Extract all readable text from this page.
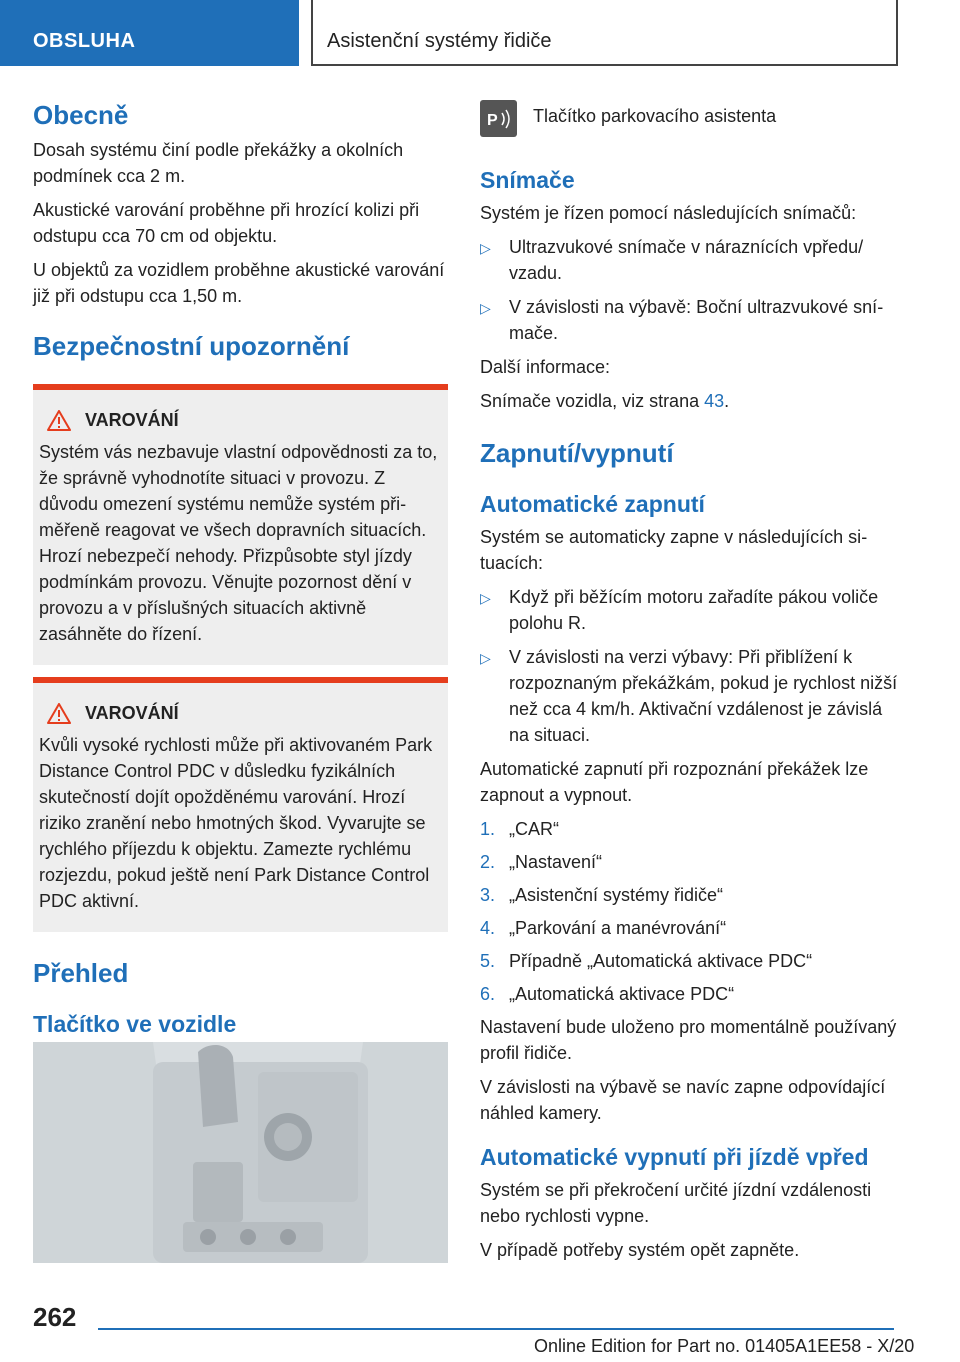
OBSLUHA	Asistenční systémy řidiče
Obecně

Dosah systému činí podle překážky a okolních podmínek cca 2 m.

Akustické varování proběhne při hrozící kolizi při odstupu cca 70 cm od objektu.

U objektů za vozidlem proběhne akustické varování již při odstupu cca 1,50 m.

Bezpečnostní upozornění
VAROVÁNÍ

Systém vás nezbavuje vlastní odpovědnosti za to, že správně vyhodnotíte situaci v provozu. Z důvodu omezení systému nemůže systém přiměřeně reagovat ve všech dopravních situacích. Hrozí nebezpečí nehody. Přizpůsobte styl jízdy podmínkám provozu. Věnujte pozornost dění v provozu a v příslušných situacích aktivně zasáhněte do řízení.

VAROVÁNÍ

Kvůli vysoké rychlosti může při aktivovaném Park Distance Control PDC v důsledku fyzikálních skutečností dojít opožděnému varování. Hrozí riziko zranění nebo hmotných škod. Vyvarujte se rychlého příjezdu k objektu. Zamezte rychlému rozjezdu, pokud ještě není Park Distance Control PDC aktivní.

Přehled
Tlačítko ve vozidle
P Tlačítko parkovacího asistenta

Snímače

Systém je řízen pomocí následujících snímačů:

▷	Ultrazvukové snímače v náraznících vpředu/ vzadu.
▷	V závislosti na výbavě: Boční ultrazvukové snímače.

Další informace:

Snímače vozidla, viz strana 43.

Zapnutí/vypnutí
Automatické zapnutí

Systém se automaticky zapne v následujících situacích:

▷	Když při běžícím motoru zařadíte pákou voliče polohu R.
▷	V závislosti na verzi výbavy: Při přiblížení k rozpoznaným překážkám, pokud je rychlost nižší než cca 4 km/h. Aktivační vzdálenost je závislá na situaci.

Automatické zapnutí při rozpoznání překážek lze zapnout a vypnout.

1. „CAR“
2. „Nastavení“
3. „Asistenční systémy řidiče“
4. „Parkování a manévrování“
5. Případně „Automatická aktivace PDC“
6. „Automatická aktivace PDC“

Nastavení bude uloženo pro momentálně používaný profil řidiče.

V závislosti na výbavě se navíc zapne odpovídající náhled kamery.

Automatické vypnutí při jízdě vpřed

Systém se při překročení určité jízdní vzdálenosti nebo rychlosti vypne.

V případě potřeby systém opět zapněte.

262
Online Edition for Part no. 01405A1EE58 - X/20
